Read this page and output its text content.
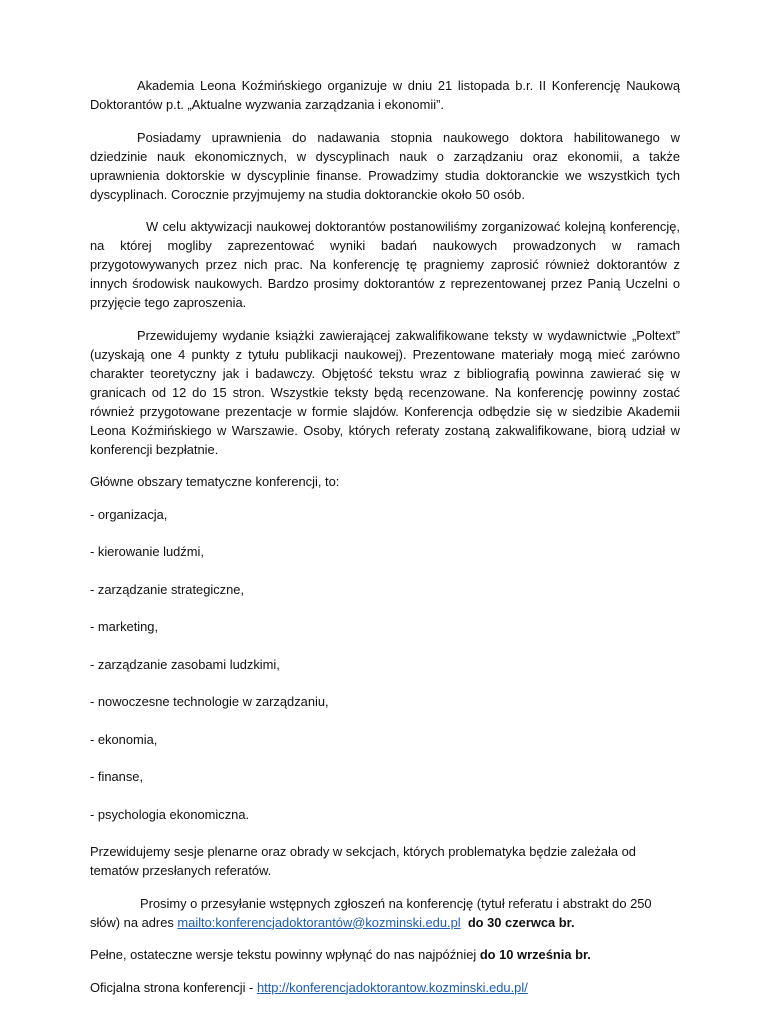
Akademia Leona Koźmińskiego organizuje w dniu 21 listopada b.r. II Konferencję Naukową Doktorantów p.t. „Aktualne wyzwania zarządzania i ekonomii”.

Posiadamy uprawnienia do nadawania stopnia naukowego doktora habilitowanego w dziedzinie nauk ekonomicznych, w dyscyplinach nauk o zarządzaniu oraz ekonomii, a także uprawnienia doktorskie w dyscyplinie finanse. Prowadzimy studia doktoranckie we wszystkich tych dyscyplinach. Corocznie przyjmujemy na studia doktoranckie około 50 osób.

W celu aktywizacji naukowej doktorantów postanowiliśmy zorganizować kolejną konferencję, na której mogliby zaprezentować wyniki badań naukowych prowadzonych w ramach przygotowywanych przez nich prac. Na konferencję tę pragniemy zaprosić również doktorantów z innych środowisk naukowych. Bardzo prosimy doktorantów z reprezentowanej przez Panią Uczelni o przyjęcie tego zaproszenia.

Przewidujemy wydanie książki zawierającej zakwalifikowane teksty w wydawnictwie „Poltext” (uzyskają one 4 punkty z tytułu publikacji naukowej). Prezentowane materiały mogą mieć zarówno charakter teoretyczny jak i badawczy. Objętość tekstu wraz z bibliografią powinna zawierać się w granicach od 12 do 15 stron. Wszystkie teksty będą recenzowane. Na konferencję powinny zostać również przygotowane prezentacje w formie slajdów. Konferencja odbędzie się w siedzibie Akademii Leona Koźmińskiego w Warszawie. Osoby, których referaty zostaną zakwalifikowane, biorą udział w konferencji bezpłatnie.

Główne obszary tematyczne konferencji, to:

- organizacja,

- kierowanie ludźmi,

- zarządzanie strategiczne,

- marketing,

- zarządzanie zasobami ludzkimi,

- nowoczesne technologie w zarządzaniu,

- ekonomia,

- finanse,

- psychologia ekonomiczna.

Przewidujemy sesje plenarne oraz obrady w sekcjach, których problematyka będzie zależała od tematów przesłanych referatów.

Prosimy o przesyłanie wstępnych zgłoszeń na konferencję (tytuł referatu i abstrakt do 250 słów) na adres mailto:konferencjadoktorantów@kozminski.edu.pl do 30 czerwca br.

Pełne, ostateczne wersje tekstu powinny wpłynąć do nas najpóźniej do 10 września br.

Oficjalna strona konferencji - http://konferencjadoktorantow.kozminski.edu.pl/
